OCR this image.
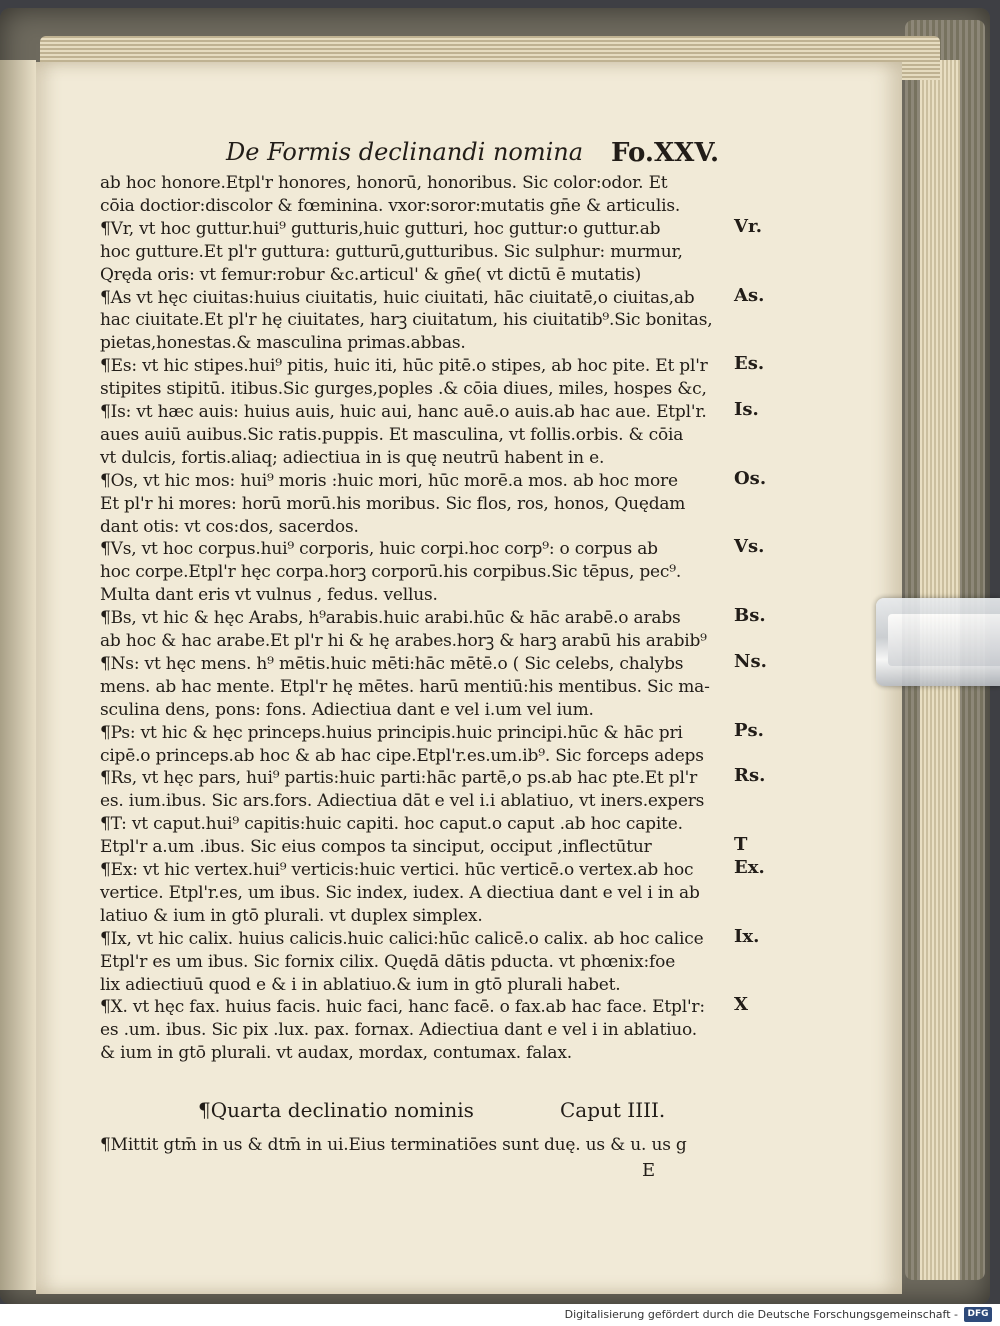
De Formis declinandi nomina Fo.XXV.
ab hoc honore.Etpl'r honores, honorū, honoribus. Sic color:odor. Et
cōia doctior:discolor & fœminina. vxor:soror:mutatis gn̄e & articulis.
¶Vr, vt hoc guttur.hui⁹ gutturis,huic gutturi, hoc guttur:o guttur.ab
hoc gutture.Et pl'r guttura: gutturū,gutturibus. Sic sulphur: murmur,
Qręda oris: vt femur:robur &c.articul' & gn̄e( vt dictū ē mutatis)
¶As vt hęc ciuitas:huius ciuitatis, huic ciuitati, hāc ciuitatē,o ciuitas,ab
hac ciuitate.Et pl'r hę ciuitates, harꝫ ciuitatum, his ciuitatib⁹.Sic bonitas,
pietas,honestas.& masculina primas.abbas.
¶Es: vt hic stipes.hui⁹ pitis, huic iti, hūc pitē.o stipes, ab hoc pite. Et pl'r
stipites stipitū. itibus.Sic gurges,poples .& cōia diues, miles, hospes &c,
¶Is: vt hæc auis: huius auis, huic aui, hanc auē.o auis.ab hac aue. Etpl'r.
aues auiū auibus.Sic ratis.puppis. Et masculina, vt follis.orbis. & cōia
vt dulcis, fortis.aliaq; adiectiua in is quę neutrū habent in e.
¶Os, vt hic mos: hui⁹ moris :huic mori, hūc morē.a mos. ab hoc more
Et pl'r hi mores: horū morū.his moribus. Sic flos, ros, honos, Quędam
dant otis: vt cos:dos, sacerdos.
¶Vs, vt hoc corpus.hui⁹ corporis, huic corpi.hoc corp⁹: o corpus ab
hoc corpe.Etpl'r hęc corpa.horꝫ corporū.his corpibus.Sic tēpus, pec⁹.
Multa dant eris vt vulnus , fedus. vellus.
¶Bs, vt hic & hęc Arabs, h⁹arabis.huic arabi.hūc & hāc arabē.o arabs
ab hoc & hac arabe.Et pl'r hi & hę arabes.horꝫ & harꝫ arabū his arabib⁹
¶Ns: vt hęc mens. h⁹ mētis.huic mēti:hāc mētē.o ( Sic celebs, chalybs
mens. ab hac mente. Etpl'r hę mētes. harū mentiū:his mentibus. Sic ma-
sculina dens, pons: fons. Adiectiua dant e vel i.um vel ium.
¶Ps: vt hic & hęc princeps.huius principis.huic principi.hūc & hāc pri
cipē.o princeps.ab hoc & ab hac cipe.Etpl'r.es.um.ib⁹. Sic forceps adeps
¶Rs, vt hęc pars, hui⁹ partis:huic parti:hāc partē,o ps.ab hac pte.Et pl'r
es. ium.ibus. Sic ars.fors. Adiectiua dāt e vel i.i ablatiuo, vt iners.expers
¶T: vt caput.hui⁹ capitis:huic capiti. hoc caput.o caput .ab hoc capite.
Etpl'r a.um .ibus. Sic eius compos ta sinciput, occiput ,inflectūtur
¶Ex: vt hic vertex.hui⁹ verticis:huic vertici. hūc verticē.o vertex.ab hoc
vertice. Etpl'r.es, um ibus. Sic index, iudex. A diectiua dant e vel i in ab
latiuo & ium in gtō plurali. vt duplex simplex.
¶Ix, vt hic calix. huius calicis.huic calici:hūc calicē.o calix. ab hoc calice
Etpl'r es um ibus. Sic fornix cilix. Quędā dātis pducta. vt phœnix:foe
lix adiectiuū quod e & i in ablatiuo.& ium in gtō plurali habet.
¶X. vt hęc fax. huius facis. huic faci, hanc facē. o fax.ab hac face. Etpl'r:
es .um. ibus. Sic pix .lux. pax. fornax. Adiectiua dant e vel i in ablatiuo.
& ium in gtō plurali. vt audax, mordax, contumax. falax.
Vr.
As.
Es.
Is.
Os.
Vs.
Bs.
Ns.
Ps.
Rs.
T
Ex.
Ix.
X
¶Quarta declinatio nominis	Caput IIII.
¶Mittit gtm̄ in us & dtm̄ in ui.Eius terminatiōes sunt duę. us & u. us g
E
Digitalisierung gefördert durch die Deutsche Forschungsgemeinschaft -	DFG
